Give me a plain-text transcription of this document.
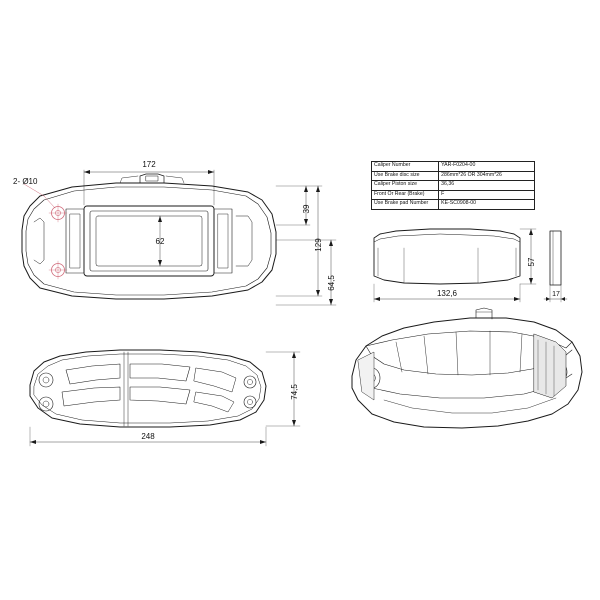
172
2- Ø10
62
39
129
64,5
74,5
248
57
132,6	17
Caliper Number	YAR-F0204-00
Use Brake disc size	286mm*26 OR 304mm*26
Caliper Piston size	36,36
Front Or Rear (Brake)	F
Use Brake pad Number	KE-SC0908-00
